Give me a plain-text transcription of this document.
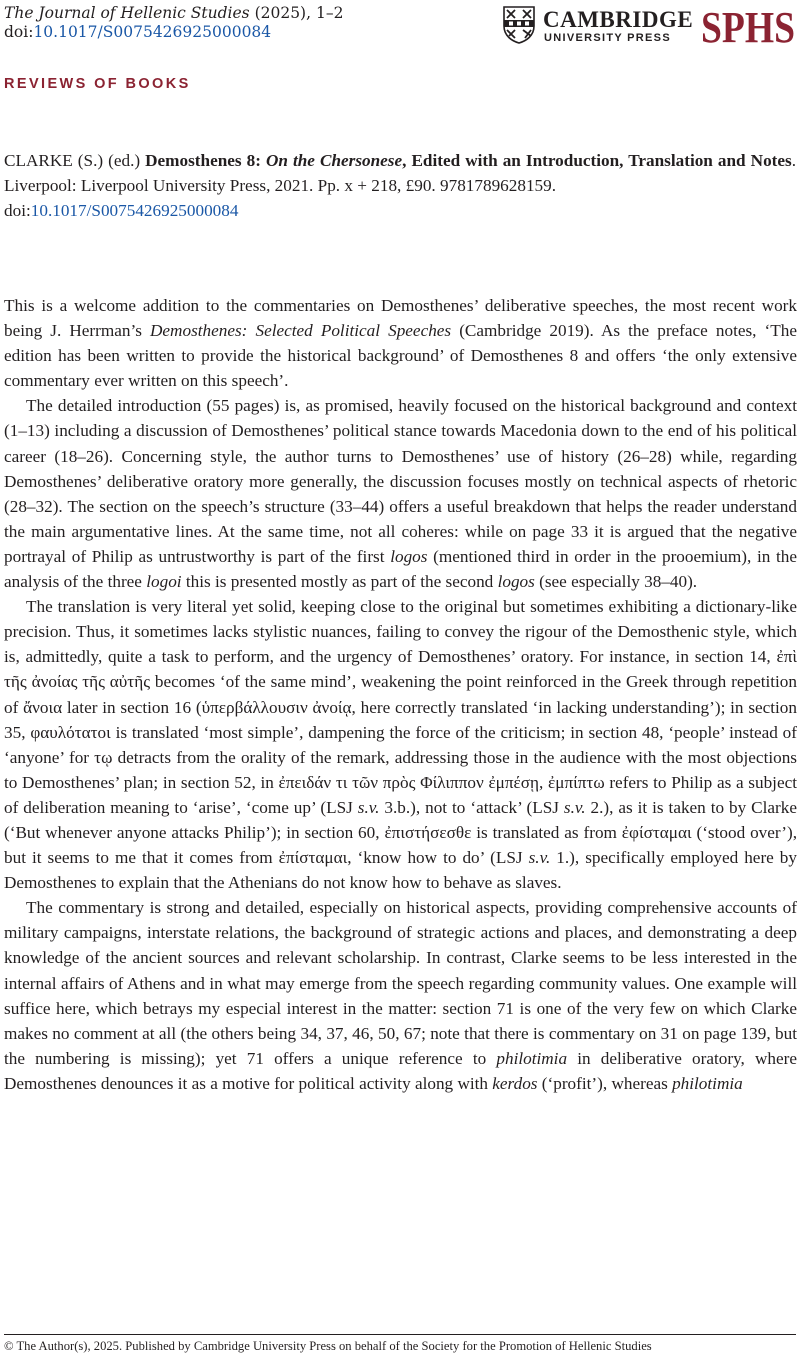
The Journal of Hellenic Studies (2025), 1–2
doi:10.1017/S0075426925000084	CAMBRIDGE
UNIVERSITY PRESS SPHS
REVIEWS OF BOOKS
CLARKE (S.) (ed.) Demosthenes 8: On the Chersonese, Edited with an Introduction, Translation and Notes. Liverpool: Liverpool University Press, 2021. Pp. x + 218, £90. 9781789628159.
doi:10.1017/S0075426925000084

This is a welcome addition to the commentaries on Demosthenes’ deliberative speeches, the most recent work being J. Herrman’s Demosthenes: Selected Political Speeches (Cambridge 2019). As the preface notes, ‘The edition has been written to provide the historical background’ of Demosthenes 8 and offers ‘the only extensive commentary ever written on this speech’.

The detailed introduction (55 pages) is, as promised, heavily focused on the historical background and context (1–13) including a discussion of Demosthenes’ political stance towards Macedonia down to the end of his political career (18–26). Concerning style, the author turns to Demosthenes’ use of history (26–28) while, regarding Demosthenes’ deliberative oratory more generally, the discussion focuses mostly on technical aspects of rhetoric (28–32). The section on the speech’s structure (33–44) offers a useful breakdown that helps the reader understand the main argumentative lines. At the same time, not all coheres: while on page 33 it is argued that the negative portrayal of Philip as untrustworthy is part of the first logos (mentioned third in order in the prooemium), in the analysis of the three logoi this is presented mostly as part of the second logos (see especially 38–40).

The translation is very literal yet solid, keeping close to the original but sometimes exhibiting a dictionary-like precision. Thus, it sometimes lacks stylistic nuances, failing to convey the rigour of the Demosthenic style, which is, admittedly, quite a task to perform, and the urgency of Demosthenes’ oratory. For instance, in section 14, ἐπὶ τῆς ἀνοίας τῆς αὐτῆς becomes ‘of the same mind’, weakening the point reinforced in the Greek through repetition of ἄνοια later in section 16 (ὑπερβάλλουσιν ἀνοίᾳ, here correctly translated ‘in lacking understanding’); in section 35, φαυλότατοι is translated ‘most simple’, dampening the force of the criticism; in section 48, ‘people’ instead of ‘anyone’ for τῳ detracts from the orality of the remark, addressing those in the audience with the most objections to Demosthenes’ plan; in section 52, in ἐπειδάν τι τῶν πρὸς Φίλιππον ἐμπέσῃ, ἐμπίπτω refers to Philip as a subject of deliberation meaning to ‘arise’, ‘come up’ (LSJ s.v. 3.b.), not to ‘attack’ (LSJ s.v. 2.), as it is taken to by Clarke (‘But whenever anyone attacks Philip’); in section 60, ἐπιστήσεσθε is translated as from ἐφίσταμαι (‘stood over’), but it seems to me that it comes from ἐπίσταμαι, ‘know how to do’ (LSJ s.v. 1.), specifically employed here by Demosthenes to explain that the Athenians do not know how to behave as slaves.

The commentary is strong and detailed, especially on historical aspects, providing comprehensive accounts of military campaigns, interstate relations, the background of strategic actions and places, and demonstrating a deep knowledge of the ancient sources and relevant scholarship. In contrast, Clarke seems to be less interested in the internal affairs of Athens and in what may emerge from the speech regarding community values. One example will suffice here, which betrays my especial interest in the matter: section 71 is one of the very few on which Clarke makes no comment at all (the others being 34, 37, 46, 50, 67; note that there is commentary on 31 on page 139, but the numbering is missing); yet 71 offers a unique reference to philotimia in deliberative oratory, where Demosthenes denounces it as a motive for political activity along with kerdos (‘profit’), whereas philotimia

© The Author(s), 2025. Published by Cambridge University Press on behalf of the Society for the Promotion of Hellenic Studies
